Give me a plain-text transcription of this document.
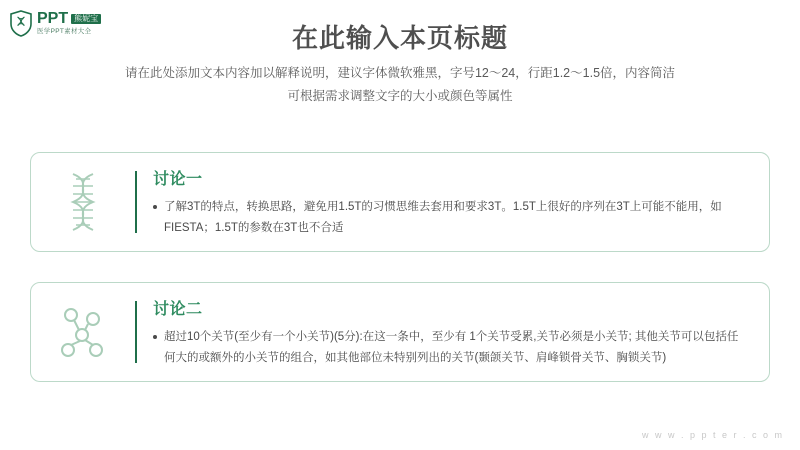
PPT 熊妮宝
医学PPT素材大全	在此输入本页标题
请在此处添加文本内容加以解释说明，建议字体微软雅黑，字号12～24，行距1.2～1.5倍，内容简洁
可根据需求调整文字的大小或颜色等属性
讨论一
了解3T的特点，转换思路，避免用1.5T的习惯思维去套用和要求3T。1.5T上很好的序列在3T上可能不能用，如FIESTA；1.5T的参数在3T也不合适
讨论二
超过10个关节(至少有一个小关节)(5分):在这一条中，至少有 1个关节受累,关节必须是小关节; 其他关节可以包括任何大的或额外的小关节的组合，如其他部位未特别列出的关节(颞颌关节、肩峰锁骨关节、胸锁关节)
w w w . p p t e r . c o m
